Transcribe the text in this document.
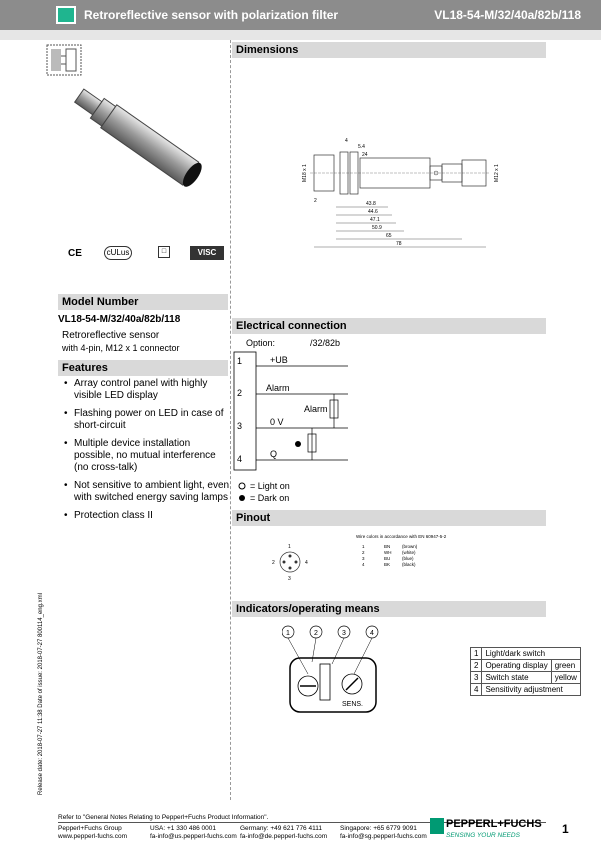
Retroreflective sensor with polarization filter	VL18-54-M/32/40a/82b/118
CE	cULus	□	VISC
Model Number
VL18-54-M/32/40a/82b/118
Retroreflective sensor
with 4-pin, M12 x 1 connector
Features
• Array control panel with highly visible LED display
• Flashing power on LED in case of short-circuit
• Multiple device installation possible, no mutual interference (no cross-talk)
• Not sensitive to ambient light, even with switched energy saving lamps
• Protection class II
Dimensions
M18 x 1	M12 x 1
4
5.4
24
2	43.8
44.6
47.1
50.9
65
78
Electrical connection
Option:	/32/82b
1
2
3
4
+UB
Alarm
0 V
Q
Alarm
= Light on
= Dark on
Pinout
1
2	4
3
Wire colors in accordance with EN 60947-5-2
1	BN	(brown)
2	WH (white)
3	BU	(blue)
4	BK	(black)
Indicators/operating means
1	2	3	4
SENS.
1	Light/dark switch	
2	Operating display	green
3	Switch state	yellow
4	Sensitivity adjustment	
Release date: 2018-07-27 11:38 Date of issue: 2018-07-27 800114_eng.xml
Refer to "General Notes Relating to Pepperl+Fuchs Product Information".
Pepperl+Fuchs Group
www.pepperl-fuchs.com
USA: +1 330 486 0001
fa-info@us.pepperl-fuchs.com
Germany: +49 621 776 4111
fa-info@de.pepperl-fuchs.com
Singapore: +65 6779 9091
fa-info@sg.pepperl-fuchs.com
PEPPERL+FUCHS
SENSING YOUR NEEDS	1
